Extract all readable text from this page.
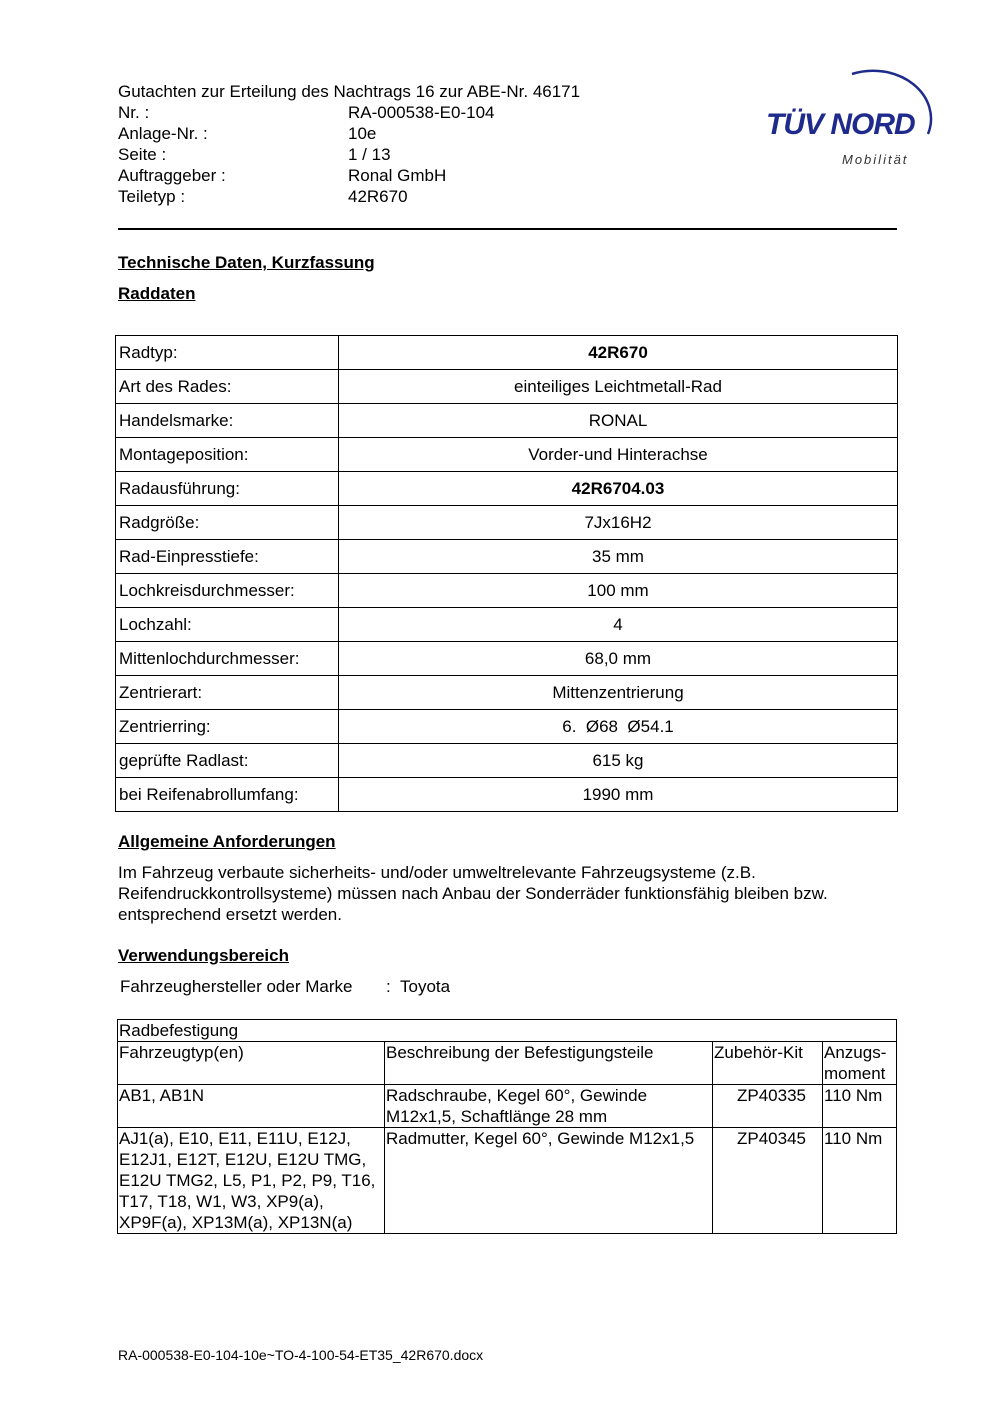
Gutachten zur Erteilung des Nachtrags 16 zur ABE-Nr. 46171
Nr. :	RA-000538-E0-104
Anlage-Nr. :	10e
Seite :	1 / 13
Auftraggeber :	Ronal GmbH
Teiletyp :	42R670
TÜV NORD
Mobilität
Technische Daten, Kurzfassung
Raddaten
Radtyp:	42R670
Art des Rades:	einteiliges Leichtmetall-Rad
Handelsmarke:	RONAL
Montageposition:	Vorder-und Hinterachse
Radausführung:	42R6704.03
Radgröße:	7Jx16H2
Rad-Einpresstiefe:	35 mm
Lochkreisdurchmesser:	100 mm
Lochzahl:	4
Mittenlochdurchmesser:	68,0 mm
Zentrierart:	Mittenzentrierung
Zentrierring:	6.  Ø68  Ø54.1
geprüfte Radlast:	615 kg
bei Reifenabrollumfang:	1990 mm
Allgemeine Anforderungen
Im Fahrzeug verbaute sicherheits- und/oder umweltrelevante Fahrzeugsysteme (z.B. Reifendruckkontrollsysteme) müssen nach Anbau der Sonderräder funktionsfähig bleiben bzw. entsprechend ersetzt werden.
Verwendungsbereich
Fahrzeughersteller oder Marke : Toyota
Radbefestigung			
Fahrzeugtyp(en)	Beschreibung der Befestigungsteile	Zubehör-Kit	Anzugs-moment
AB1, AB1N	Radschraube, Kegel 60°, Gewinde M12x1,5, Schaftlänge 28 mm	ZP40335	110 Nm
AJ1(a), E10, E11, E11U, E12J, E12J1, E12T, E12U, E12U TMG, E12U TMG2, L5, P1, P2, P9, T16, T17, T18, W1, W3, XP9(a), XP9F(a), XP13M(a), XP13N(a)	Radmutter, Kegel 60°, Gewinde M12x1,5	ZP40345	110 Nm
RA-000538-E0-104-10e~TO-4-100-54-ET35_42R670.docx
